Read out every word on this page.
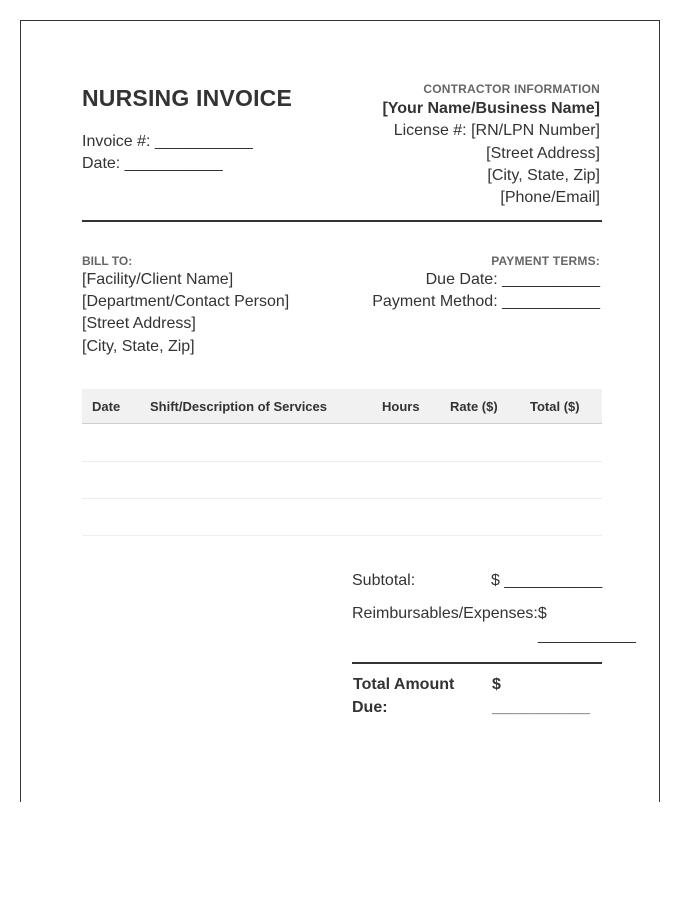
NURSING INVOICE
Invoice #: ___________
Date: ___________
CONTRACTOR INFORMATION
[Your Name/Business Name]
License #: [RN/LPN Number]
[Street Address]
[City, State, Zip]
[Phone/Email]
BILL TO:
[Facility/Client Name]
[Department/Contact Person]
[Street Address]
[City, State, Zip]
PAYMENT TERMS:
Due Date: ___________
Payment Method: ___________
Date Shift/Description of Services	Hours Rate ($) Total ($)
Subtotal:	$ ___________
Reimbursables/Expenses:$
___________
Total Amount
Due:
$
___________
